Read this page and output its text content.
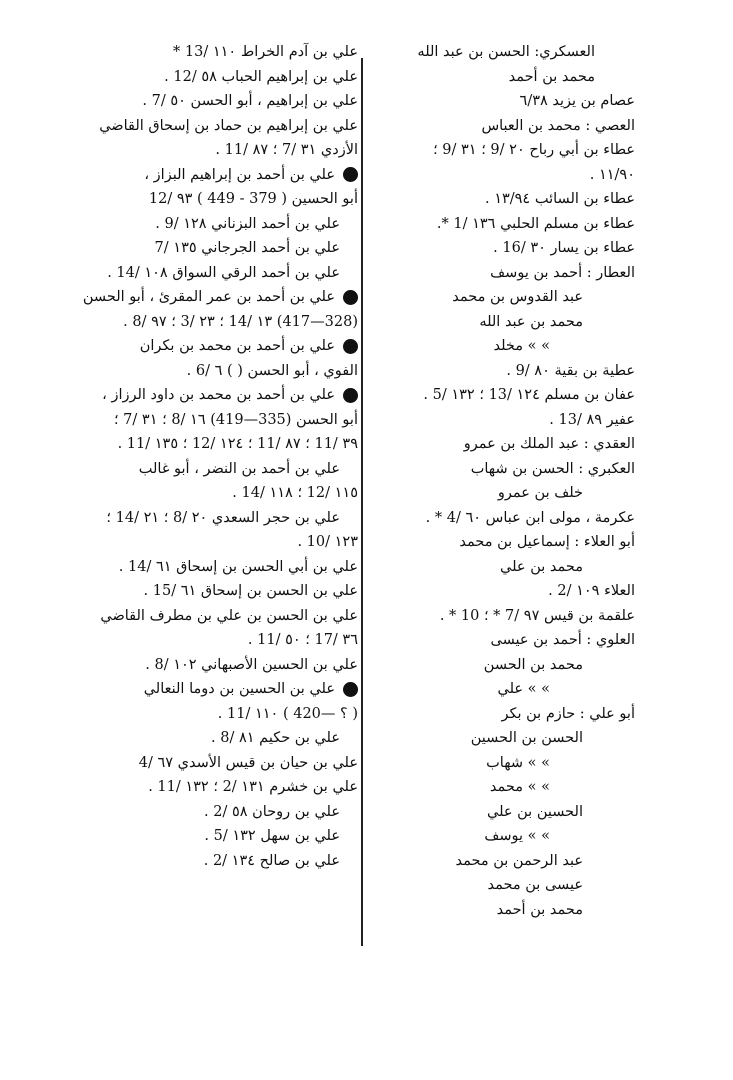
العسكري: الحسن بن عبد الله
محمد بن أحمد
عصام بن يزيد ٦/٣٨
العصي : محمد بن العباس
عطاء بن أبي رباح ٢٠ /9 ؛ ٣١ /9 ؛
١١/٩٠ .
عطاء بن السائب ١٣/٩٤ .
عطاء بن مسلم الحلبي ١٣٦ /1 *.
عطاء بن يسار ٣٠ /16 .
العطار : أحمد بن يوسف
عبد القدوس بن محمد
محمد بن عبد الله
» » مخلد
عطية بن بقية ٨٠ /9 .
عفان بن مسلم ١٢٤ /13 ؛ ١٣٢ /5 .
عفير ٨٩ /13 .
العقدي : عبد الملك بن عمرو
العكبري : الحسن بن شهاب
خلف بن عمرو
عكرمة ، مولى ابن عباس ٦٠ /4 * .
أبو العلاء : إسماعيل بن محمد
محمد بن علي
العلاء ١٠٩ /2 .
علقمة بن قيس ٩٧ /7 * ؛ 10 * .
العلوي : أحمد بن عيسى
محمد بن الحسن
» » علي
أبو علي : حازم بن بكر
الحسن بن الحسين
» » شهاب
» » محمد
الحسين بن علي
» » يوسف
عبد الرحمن بن محمد
عيسى بن محمد
محمد بن أحمد
علي بن آدم الخراط ١١٠ /13 *
علي بن إبراهيم الحباب ٥٨ /12 .
علي بن إبراهيم ، أبو الحسن ٥٠ /7 .
علي بن إبراهيم بن حماد بن إسحاق القاضي
الأزدي ٣١ /7 ؛ ٨٧ /11 .
علي بن أحمد بن إبراهيم البزاز ،
أبو الحسين ( 379 - 449 ) ٩٣ /12
علي بن أحمد البزناني ١٢٨ /9 .
علي بن أحمد الجرجاني ١٣٥ /7
علي بن أحمد الرقي السواق ١٠٨ /14 .
علي بن أحمد بن عمر المقرئ ، أبو الحسن
(328—417) ١٣ /14 ؛ ٢٣ /3 ؛ ٩٧ /8 .
علي بن أحمد بن محمد بن بكران
الفوي ، أبو الحسن ( ) ٦ /6 .
علي بن أحمد بن محمد بن داود الرزاز ،
أبو الحسن (335—419) ١٦ /8 ؛ ٣١ /7 ؛
٣٩ /11 ؛ ٨٧ /11 ؛ ١٢٤ /12 ؛ ١٣٥ /11 .
علي بن أحمد بن النضر ، أبو غالب
١١٥ /12 ؛ ١١٨ /14 .
علي بن حجر السعدي ٢٠ /8 ؛ ٢١ /14 ؛
١٢٣ /10 .
علي بن أبي الحسن بن إسحاق ٦١ /14 .
علي بن الحسن بن إسحاق ٦١ /15 .
علي بن الحسن بن علي بن مطرف القاضي
٣٦ /17 ؛ ٥٠ /11 .
علي بن الحسين الأصبهاني ١٠٢ /8 .
علي بن الحسين بن دوما النعالي
( ؟ —420 ) ١١٠ /11 .
علي بن حكيم ٨١ /8 .
علي بن حيان بن قيس الأسدي ٦٧ /4
علي بن خشرم ١٣١ /2 ؛ ١٣٢ /11 .
علي بن روحان ٥٨ /2 .
علي بن سهل ١٣٢ /5 .
علي بن صالح ١٣٤ /2 .
